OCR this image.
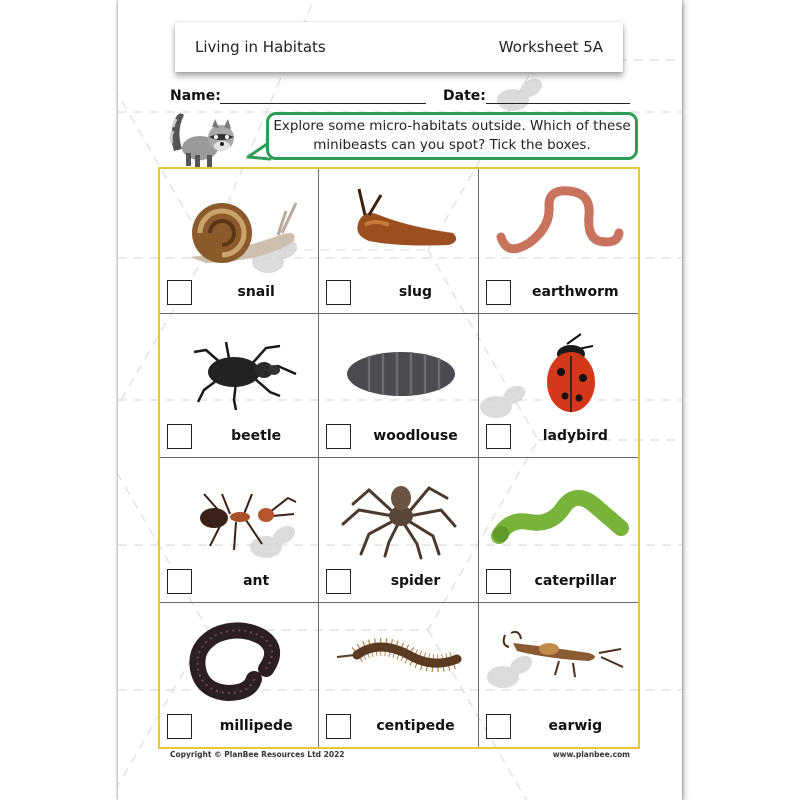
Living in Habitats	Worksheet 5A
Name:	Date:
Explore some micro-habitats outside. Which of these
minibeasts can you spot? Tick the boxes.
snail	slug	earthworm
beetle	woodlouse	ladybird
ant	spider	caterpillar
millipede	centipede	earwig
Copyright © PlanBee Resources Ltd 2022	www.planbee.com
